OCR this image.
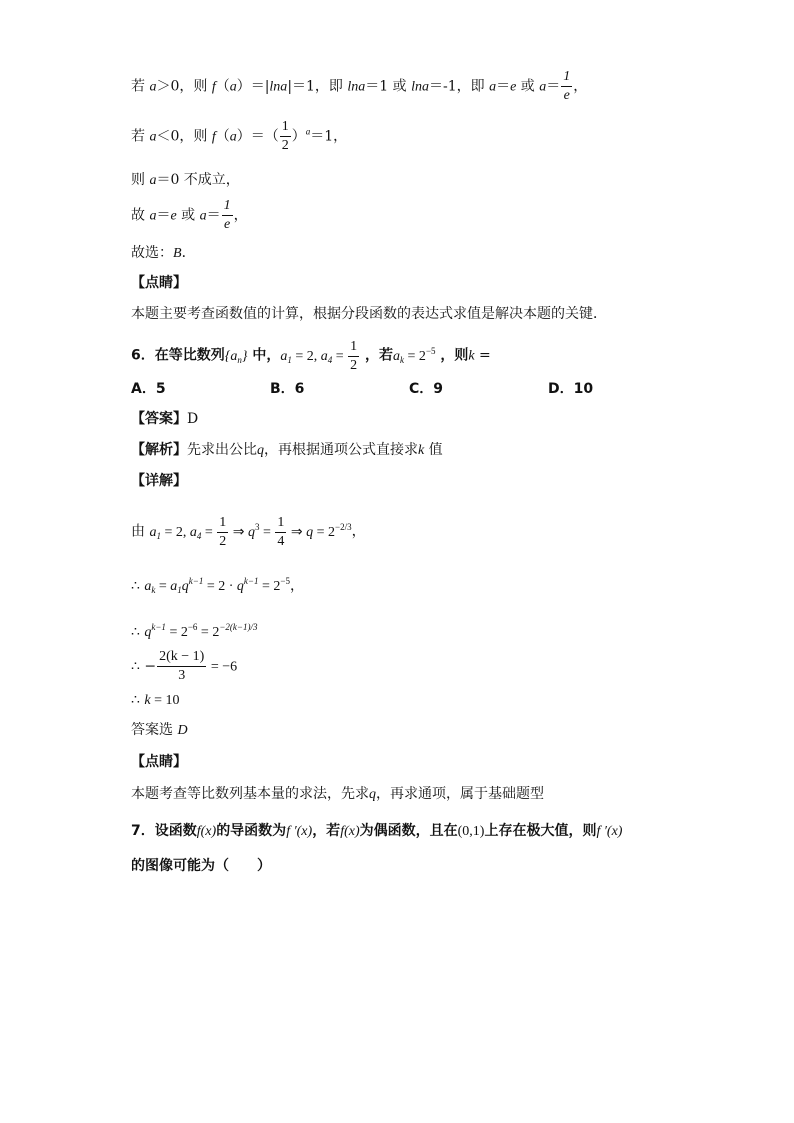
若 a＞0，则 f（a）＝|lna|＝1，即 lna＝1 或 lna＝-1，即 a＝e 或 $a= \frac{1}{e}$ ，
若 a＜0，则 $f(a)=( \frac{1}{2} )^a=1$，
则 a＝0 不成立，
故 a＝e 或 $a= \frac{1}{e}$ ，
故选：B．
【点睛】
本题主要考查函数值的计算，根据分段函数的表达式求值是解决本题的关键．
6．在等比数列$\{a_n\}$ 中，$a_1 = 2$, $a_4 = \frac{1}{2}$ ，若$a_k = 2^{-5}$ ，则k =
A．5	B．6	C．9	D．10
【答案】D
【解析】先求出公比q，再根据通项公式直接求k 值
【详解】
由 $a_1 = 2$, $a_4 = \frac{1}{2}$ ⇒ $q^3 = \frac{1}{4}$ ⇒ $q = 2^{-2/3}$，
∴ $a_k = a_1q^{k-1} = 2 \cdot q^{k-1} = 2^{-5}$，
∴ $q^{k-1} = 2^{-6} = 2^{-2(k-1)/3}$
∴ − $\frac{2(k - 1)}{3} = -6$
∴ k = 10
答案选 D
【点睛】
本题考查等比数列基本量的求法，先求q，再求通项，属于基础题型
7．设函数f(x)的导函数为f ′(x)，若f(x)为偶函数，且在(0,1)上存在极大值，则f ′(x)
的图像可能为（　　）
